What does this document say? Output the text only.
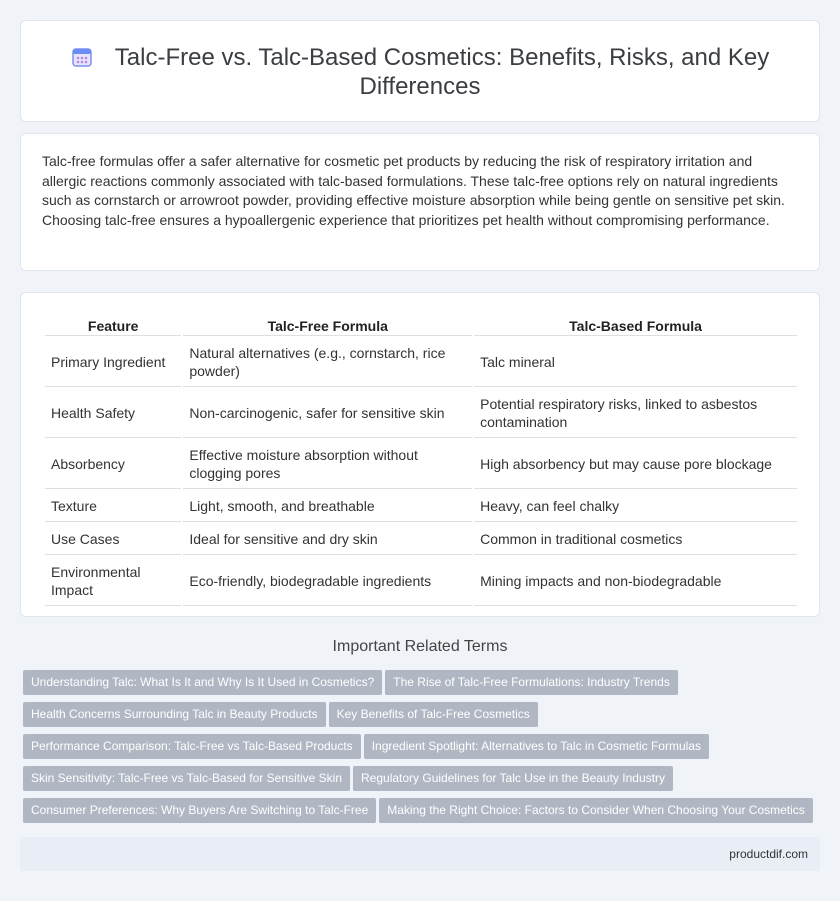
Talc-Free vs. Talc-Based Cosmetics: Benefits, Risks, and Key
Differences

Talc-free formulas offer a safer alternative for cosmetic pet products by reducing the risk of respiratory irritation and allergic reactions commonly associated with talc-based formulations. These talc-free options rely on natural ingredients such as cornstarch or arrowroot powder, providing effective moisture absorption while being gentle on sensitive pet skin. Choosing talc-free ensures a hypoallergenic experience that prioritizes pet health without compromising performance.

Feature	Talc-Free Formula	Talc-Based Formula
Primary Ingredient	Natural alternatives (e.g., cornstarch, rice powder)	Talc mineral
Health Safety	Non-carcinogenic, safer for sensitive skin	Potential respiratory risks, linked to asbestos contamination
Absorbency	Effective moisture absorption without clogging pores	High absorbency but may cause pore blockage
Texture	Light, smooth, and breathable	Heavy, can feel chalky
Use Cases	Ideal for sensitive and dry skin	Common in traditional cosmetics
Environmental Impact	Eco-friendly, biodegradable ingredients	Mining impacts and non-biodegradable
Important Related Terms
Understanding Talc: What Is It and Why Is It Used in Cosmetics? The Rise of Talc-Free Formulations: Industry Trends
Health Concerns Surrounding Talc in Beauty Products Key Benefits of Talc-Free Cosmetics
Performance Comparison: Talc-Free vs Talc-Based Products Ingredient Spotlight: Alternatives to Talc in Cosmetic Formulas
Skin Sensitivity: Talc-Free vs Talc-Based for Sensitive Skin Regulatory Guidelines for Talc Use in the Beauty Industry
Consumer Preferences: Why Buyers Are Switching to Talc-Free Making the Right Choice: Factors to Consider When Choosing Your Cosmetics
productdif.com
